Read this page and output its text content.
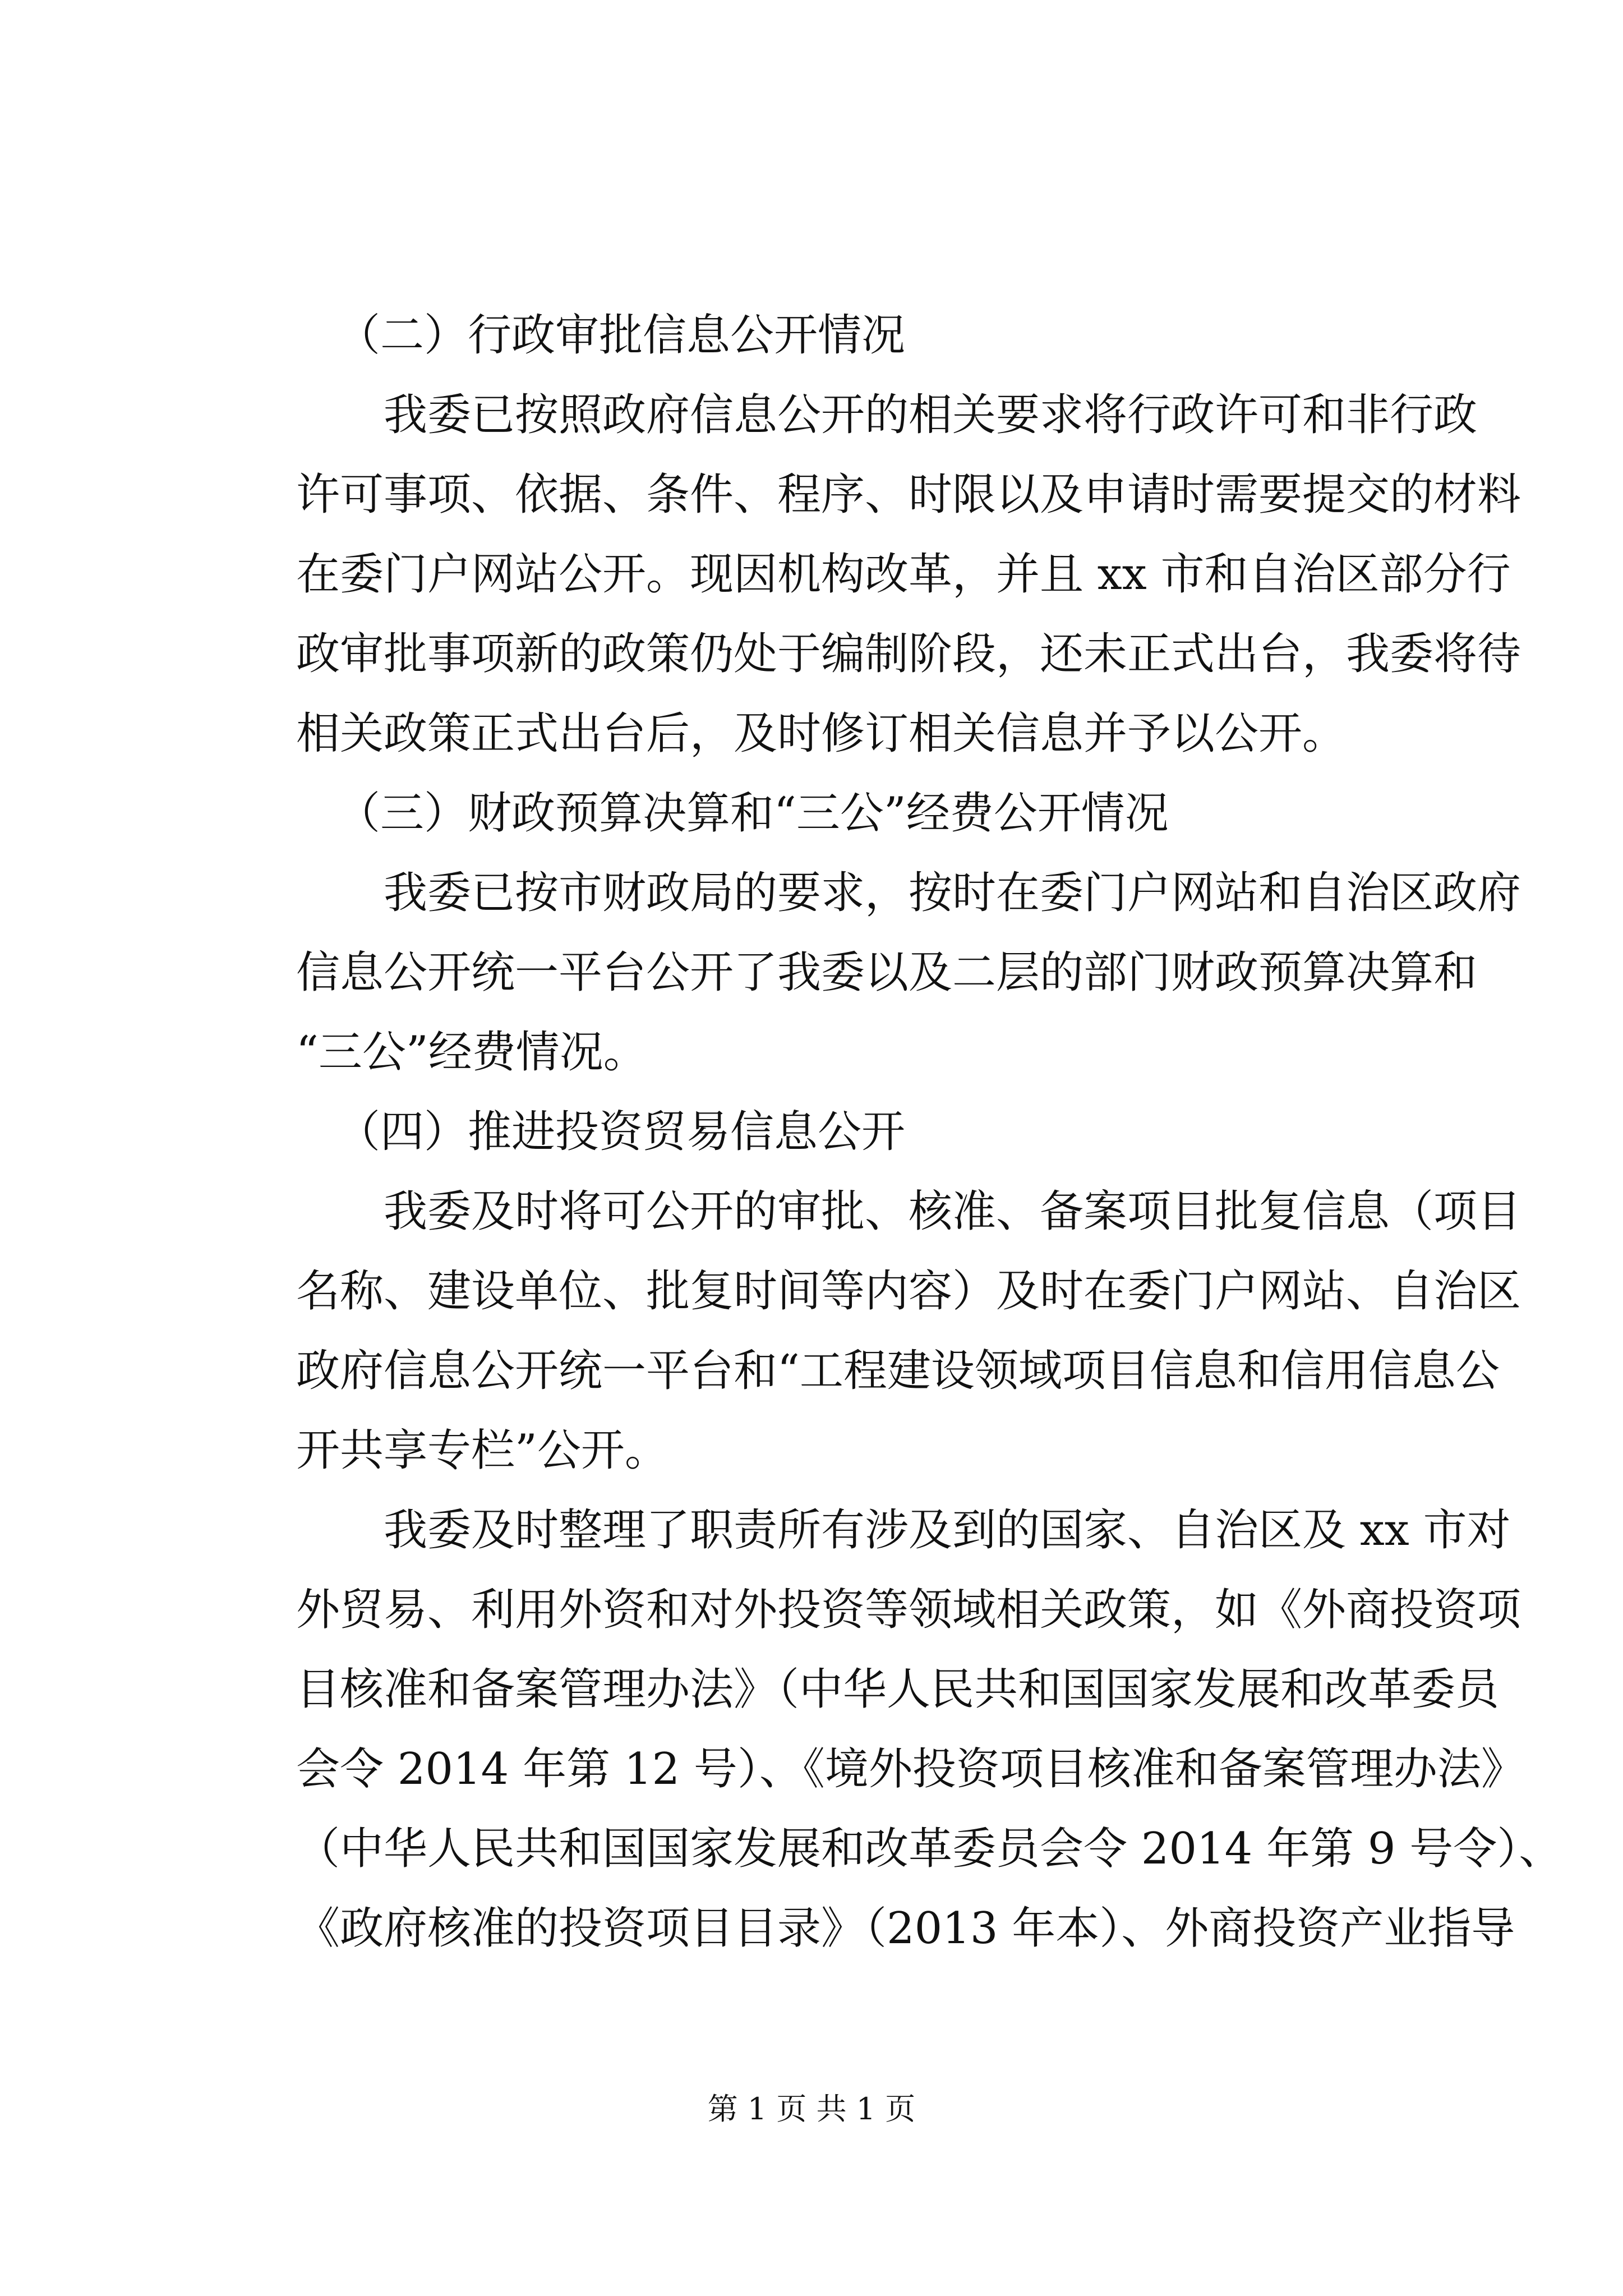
（二）行政审批信息公开情况
我委已按照政府信息公开的相关要求将行政许可和非行政
许可事项、依据、条件、程序、时限以及申请时需要提交的材料
在委门户网站公开。现因机构改革，并且 xx 市和自治区部分行
政审批事项新的政策仍处于编制阶段，还未正式出台，我委将待
相关政策正式出台后，及时修订相关信息并予以公开。
（三）财政预算决算和“三公”经费公开情况
我委已按市财政局的要求，按时在委门户网站和自治区政府
信息公开统一平台公开了我委以及二层的部门财政预算决算和
“三公”经费情况。
（四）推进投资贸易信息公开
我委及时将可公开的审批、核准、备案项目批复信息（项目
名称、建设单位、批复时间等内容）及时在委门户网站、自治区
政府信息公开统一平台和“工程建设领域项目信息和信用信息公
开共享专栏”公开。
我委及时整理了职责所有涉及到的国家、自治区及 xx 市对
外贸易、利用外资和对外投资等领域相关政策，如《外商投资项
目核准和备案管理办法》（中华人民共和国国家发展和改革委员
会令 2014 年第 12 号）、《境外投资项目核准和备案管理办法》
（中华人民共和国国家发展和改革委员会令 2014 年第 9 号令）、
《政府核准的投资项目目录》（2013 年本）、外商投资产业指导
第 1 页 共 1 页
